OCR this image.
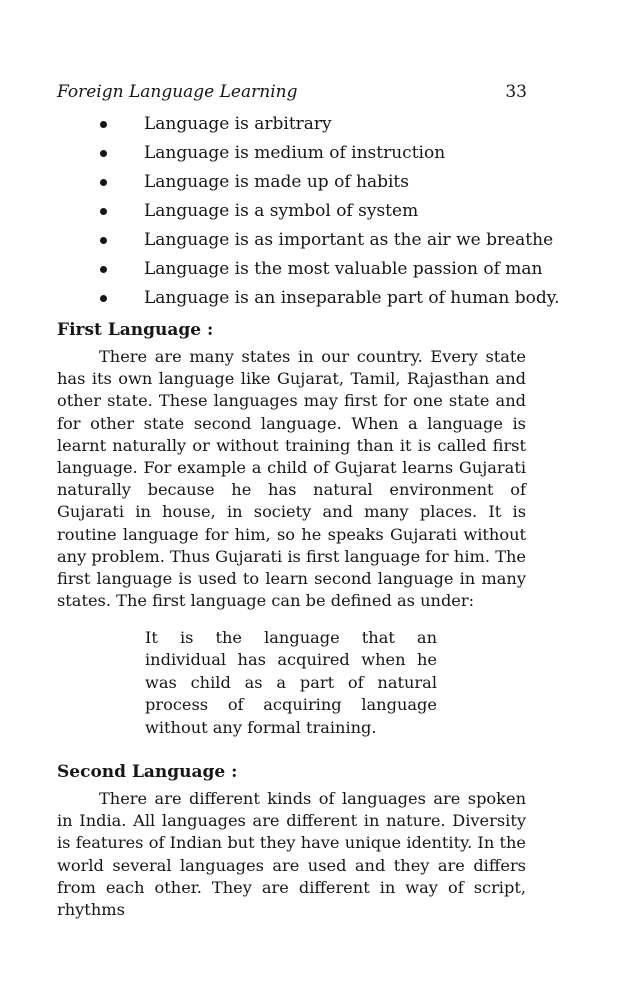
Foreign Language Learning	33
Language is arbitrary
Language is medium of instruction
Language is made up of habits
Language is a symbol of system
Language is as important as the air we breathe
Language is the most valuable passion of man
Language is an inseparable part of human body.
First Language :

There are many states in our country. Every state has its own language like Gujarat, Tamil, Rajasthan and other state. These languages may first for one state and for other state second language. When a language is learnt naturally or without training than it is called first language. For example a child of Gujarat learns Gujarati naturally because he has natural environment of Gujarati in house, in society and many places. It is routine language for him, so he speaks Gujarati without any problem. Thus Gujarati is first language for him. The first language is used to learn second language in many states. The first language can be defined as under:

It is the language that an individual has acquired when he was child as a part of natural process of acquiring language without any formal training.

Second Language :

There are different kinds of languages are spoken in India. All languages are different in nature. Diversity is features of Indian but they have unique identity. In the world several languages are used and they are differs from each other. They are different in way of script, rhythms
